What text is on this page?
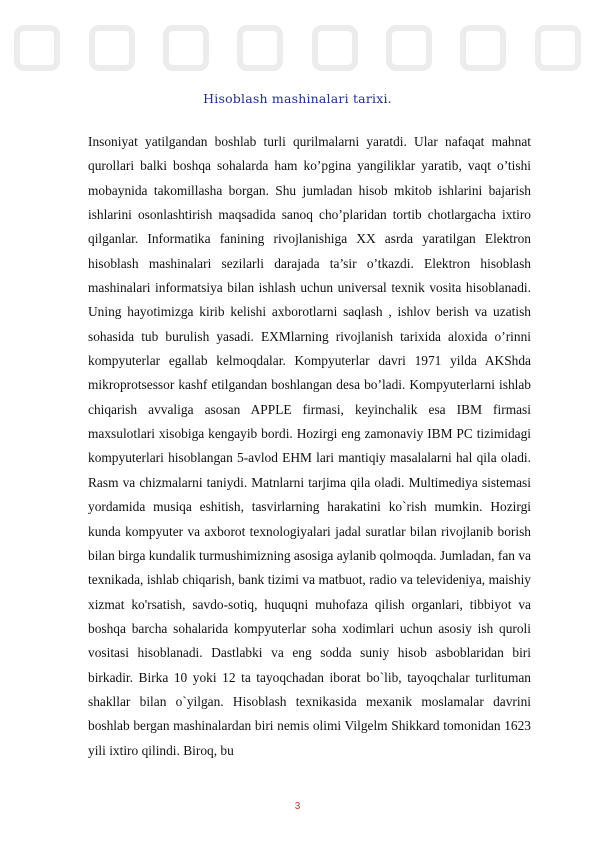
Hisoblash mashinalari tarixi.

Insoniyat yatilgandan boshlab turli qurilmalarni yaratdi. Ular nafaqat mahnat qurollari balki boshqa sohalarda ham ko’pgina yangiliklar yaratib, vaqt o’tishi mobaynida takomillasha borgan. Shu jumladan hisob mkitob ishlarini bajarish ishlarini osonlashtirish maqsadida sanoq cho’plaridan tortib chotlargacha ixtiro qilganlar. Informatika fanining rivojlanishiga XX asrda yaratilgan Elektron hisoblash mashinalari sezilarli darajada ta’sir o’tkazdi. Elektron hisoblash mashinalari informatsiya bilan ishlash uchun universal texnik vosita hisoblanadi. Uning hayotimizga kirib kelishi axborotlarni saqlash , ishlov berish va uzatish sohasida tub burulish yasadi. EXMlarning rivojlanish tarixida aloxida o’rinni kompyuterlar egallab kelmoqdalar. Kompyuterlar davri 1971 yilda AKShda mikroprotsessor kashf etilgandan boshlangan desa bo’ladi. Kompyuterlarni ishlab chiqarish avvaliga asosan APPLE firmasi, keyinchalik esa IBM firmasi maxsulotlari xisobiga kengayib bordi. Hozirgi eng zamonaviy IBM PC tizimidagi kompyuterlari hisoblangan 5-avlod EHM lari mantiqiy masalalarni hal qila oladi. Rasm va chizmalarni taniydi. Matnlarni tarjima qila oladi. Multimediya sistemasi yordamida musiqa eshitish, tasvirlarning harakatini ko`rish mumkin. Hozirgi kunda kompyuter va axborot texnologiyalari jadal suratlar bilan rivojlanib borish bilan birga kundalik turmushimizning asosiga aylanib qolmoqda. Jumladan, fan va texnikada, ishlab chiqarish, bank tizimi va matbuot, radio va televideniya, maishiy xizmat ko'rsatish, savdo-sotiq, huquqni muhofaza qilish organlari, tibbiyot va boshqa barcha sohalarida kompyuterlar soha xodimlari uchun asosiy ish quroli vositasi hisoblanadi. Dastlabki va eng sodda suniy hisob asboblaridan biri birkadir. Birka 10 yoki 12 ta tayoqchadan iborat bo`lib, tayoqchalar turlituman shakllar bilan o`yilgan. Hisoblash texnikasida mexanik moslamalar davrini boshlab bergan mashinalardan biri nemis olimi Vilgelm Shikkard tomonidan 1623 yili ixtiro qilindi. Biroq, bu

3
